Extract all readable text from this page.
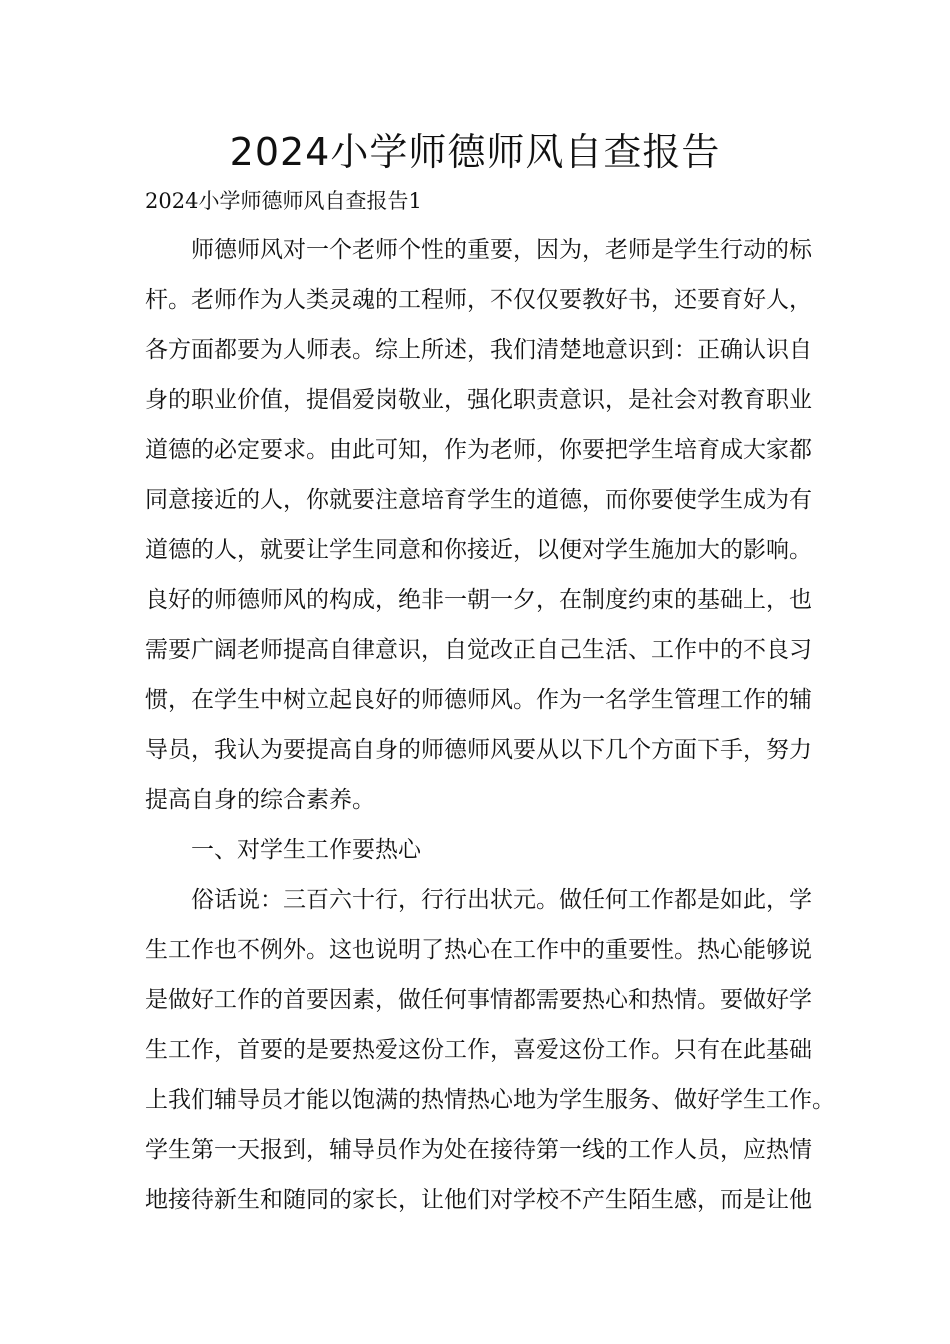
2024小学师德师风自查报告
2024小学师德师风自查报告1
师德师风对一个老师个性的重要，因为，老师是学生行动的标
杆。老师作为人类灵魂的工程师，不仅仅要教好书，还要育好人，
各方面都要为人师表。综上所述，我们清楚地意识到：正确认识自
身的职业价值，提倡爱岗敬业，强化职责意识，是社会对教育职业
道德的必定要求。由此可知，作为老师，你要把学生培育成大家都
同意接近的人，你就要注意培育学生的道德，而你要使学生成为有
道德的人，就要让学生同意和你接近，以便对学生施加大的影响。
良好的师德师风的构成，绝非一朝一夕，在制度约束的基础上，也
需要广阔老师提高自律意识，自觉改正自己生活、工作中的不良习
惯，在学生中树立起良好的师德师风。作为一名学生管理工作的辅
导员，我认为要提高自身的师德师风要从以下几个方面下手，努力
提高自身的综合素养。
一、对学生工作要热心
俗话说：三百六十行，行行出状元。做任何工作都是如此，学
生工作也不例外。这也说明了热心在工作中的重要性。热心能够说
是做好工作的首要因素，做任何事情都需要热心和热情。要做好学
生工作，首要的是要热爱这份工作，喜爱这份工作。只有在此基础
上我们辅导员才能以饱满的热情热心地为学生服务、做好学生工作。
学生第一天报到，辅导员作为处在接待第一线的工作人员，应热情
地接待新生和随同的家长，让他们对学校不产生陌生感，而是让他
